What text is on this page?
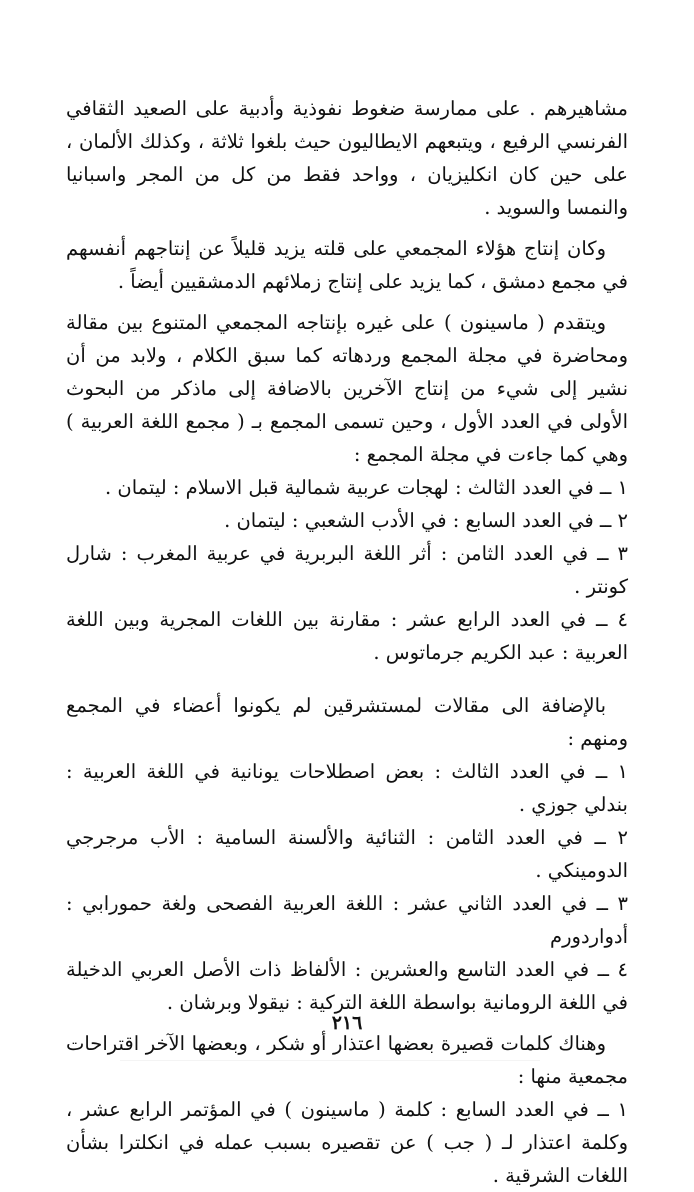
مشاهيرهم . على ممارسة ضغوط نفوذية وأدبية على الصعيد الثقافي الفرنسي الرفيع ، ويتبعهم الايطاليون حيث بلغوا ثلاثة ، وكذلك الألمان ، على حين كان انكليزيان ، وواحد فقط من كل من المجر واسبانيا والنمسا والسويد .

وكان إنتاج هؤلاء المجمعي على قلته يزيد قليلاً عن إنتاجهم أنفسهم في مجمع دمشق ، كما يزيد على إنتاج زملائهم الدمشقيين أيضاً .

ويتقدم ( ماسينون ) على غيره بإنتاجه المجمعي المتنوع بين مقالة ومحاضرة في مجلة المجمع وردهاته كما سبق الكلام ، ولابد من أن نشير إلى شيء من إنتاج الآخرين بالاضافة إلى ماذكر من البحوث الأولى في العدد الأول ، وحين تسمى المجمع بـ ( مجمع اللغة العربية ) وهي كما جاءت في مجلة المجمع :

١ ــ في العدد الثالث : لهجات عربية شمالية قبل الاسلام : ليتمان .

٢ ــ في العدد السابع : في الأدب الشعبي : ليتمان .

٣ ــ في العدد الثامن : أثر اللغة البربرية في عربية المغرب : شارل كونتر .

٤ ــ في العدد الرابع عشر : مقارنة بين اللغات المجرية وبين اللغة العربية : عبد الكريم جرماتوس .

بالإضافة الى مقالات لمستشرقين لم يكونوا أعضاء في المجمع ومنهم :

١ ــ في العدد الثالث : بعض اصطلاحات يونانية في اللغة العربية : بندلي جوزي .

٢ ــ في العدد الثامن : الثنائية والألسنة السامية : الأب مرجرجي الدومينكي .

٣ ــ في العدد الثاني عشر : اللغة العربية الفصحى ولغة حمورابي : أدواردورم

٤ ــ في العدد التاسع والعشرين : الألفاظ ذات الأصل العربي الدخيلة في اللغة الرومانية بواسطة اللغة التركية : نيقولا وبرشان .

وهناك كلمات قصيرة بعضها اعتذار أو شكر ، وبعضها الآخر اقتراحات مجمعية منها :

١ ــ في العدد السابع : كلمة ( ماسينون ) في المؤتمر الرابع عشر ، وكلمة اعتذار لـ ( جب ) عن تقصيره بسبب عمله في انكلترا بشأن اللغات الشرقية .

٢١٦
